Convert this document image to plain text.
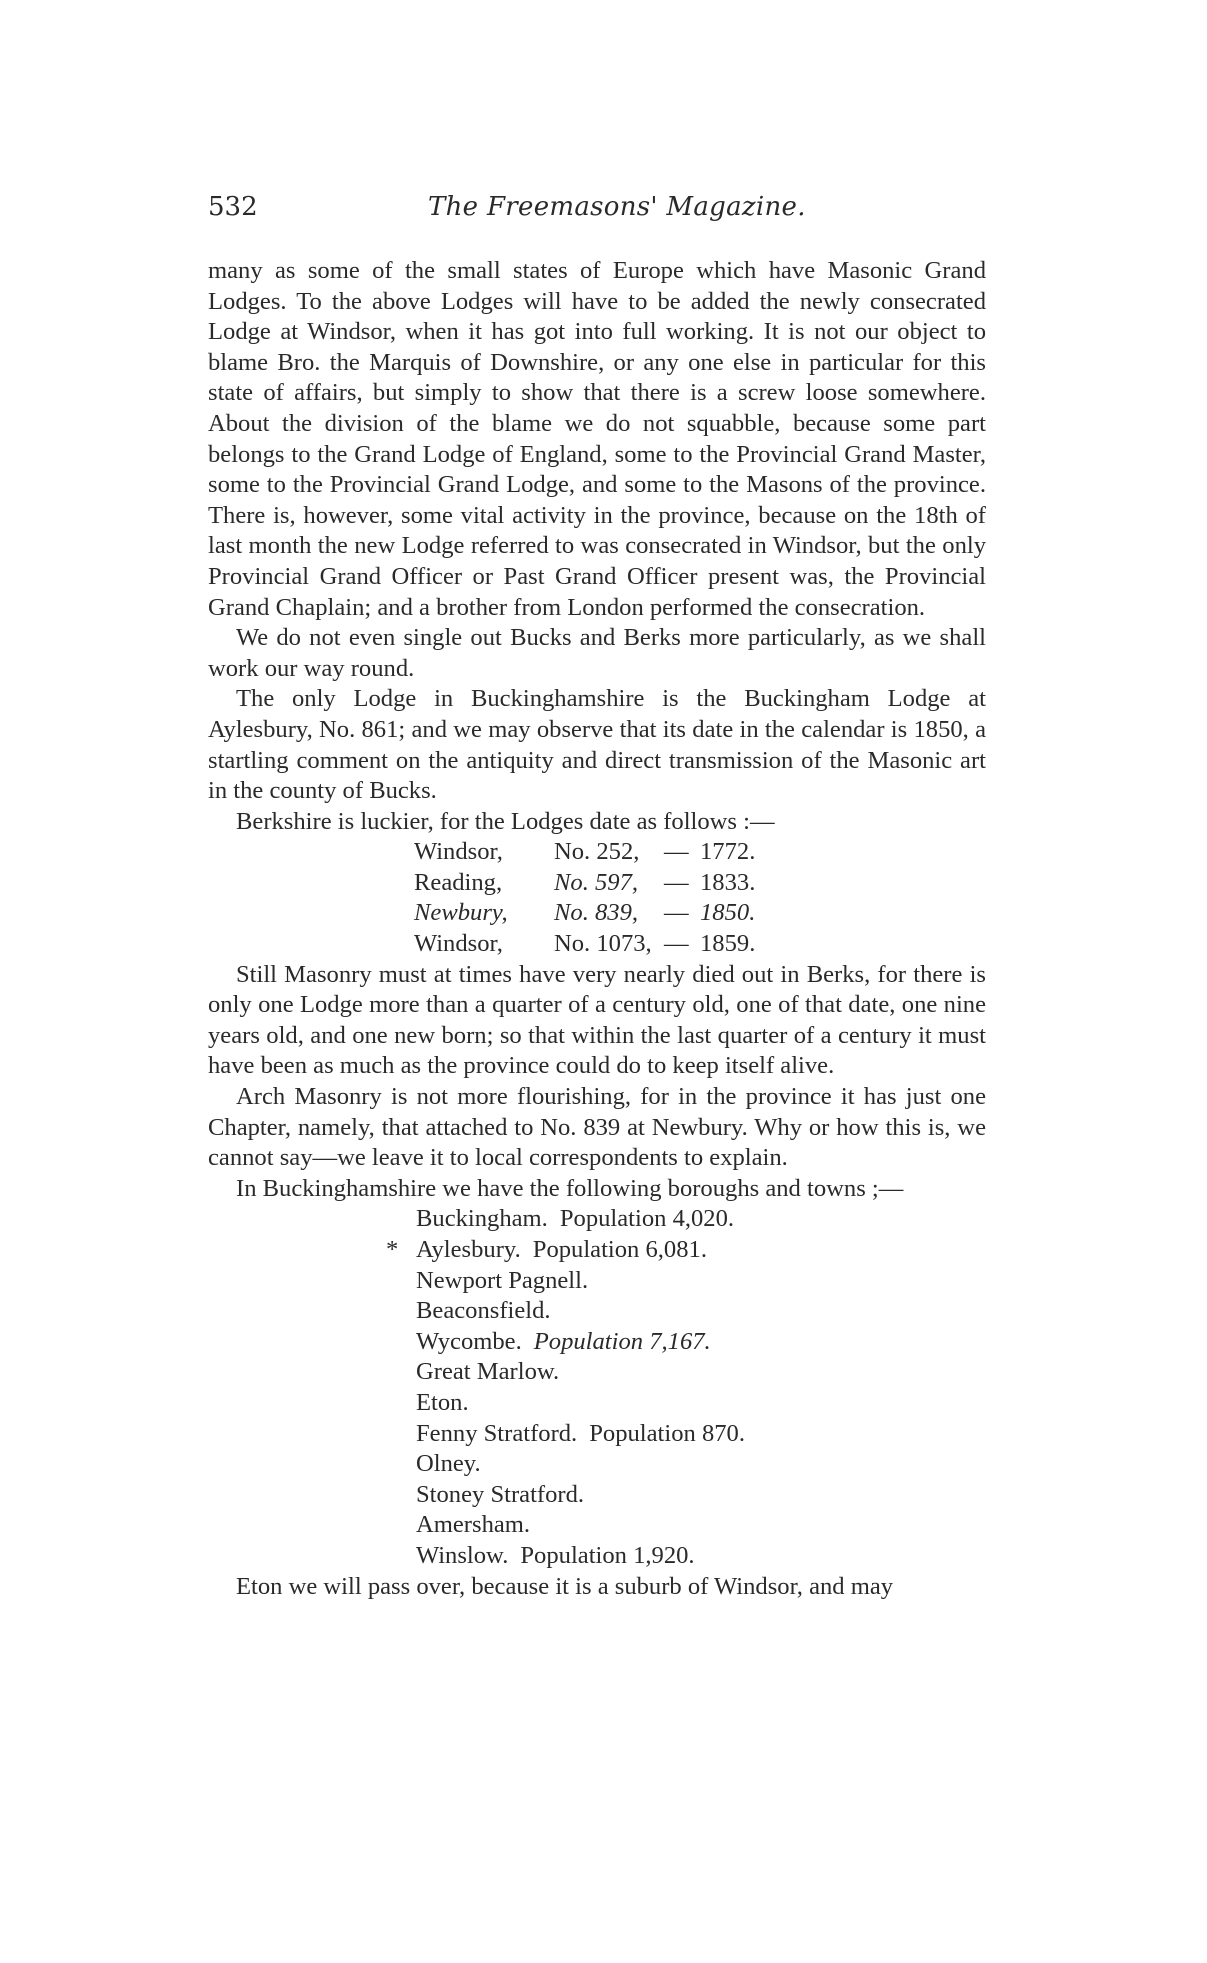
532	The Freemasons' Magazine.

many as some of the small states of Europe which have Masonic Grand Lodges. To the above Lodges will have to be added the newly consecrated Lodge at Windsor, when it has got into full working. It is not our object to blame Bro. the Marquis of Downshire, or any one else in particular for this state of affairs, but simply to show that there is a screw loose somewhere. About the division of the blame we do not squabble, because some part belongs to the Grand Lodge of England, some to the Provincial Grand Master, some to the Provincial Grand Lodge, and some to the Masons of the province. There is, however, some vital activity in the province, because on the 18th of last month the new Lodge referred to was consecrated in Windsor, but the only Provincial Grand Officer or Past Grand Officer present was, the Provincial Grand Chaplain; and a brother from London performed the consecration.

We do not even single out Bucks and Berks more particularly, as we shall work our way round.

The only Lodge in Buckinghamshire is the Buckingham Lodge at Aylesbury, No. 861; and we may observe that its date in the calendar is 1850, a startling comment on the antiquity and direct transmission of the Masonic art in the county of Bucks.

Berkshire is luckier, for the Lodges date as follows :—

Windsor,	No. 252,	—	1772.
Reading,	No. 597,	—	1833.
Newbury,	No. 839,	—	1850.
Windsor,	No. 1073,	—	1859.

Still Masonry must at times have very nearly died out in Berks, for there is only one Lodge more than a quarter of a century old, one of that date, one nine years old, and one new born; so that within the last quarter of a century it must have been as much as the province could do to keep itself alive.

Arch Masonry is not more flourishing, for in the province it has just one Chapter, namely, that attached to No. 839 at Newbury. Why or how this is, we cannot say—we leave it to local correspondents to explain.

In Buckinghamshire we have the following boroughs and towns ;—

Buckingham. Population 4,020.
* Aylesbury. Population 6,081.
Newport Pagnell.
Beaconsfield.
Wycombe. Population 7,167.
Great Marlow.
Eton.
Fenny Stratford. Population 870.
Olney.
Stoney Stratford.
Amersham.
Winslow. Population 1,920.

Eton we will pass over, because it is a suburb of Windsor, and may
